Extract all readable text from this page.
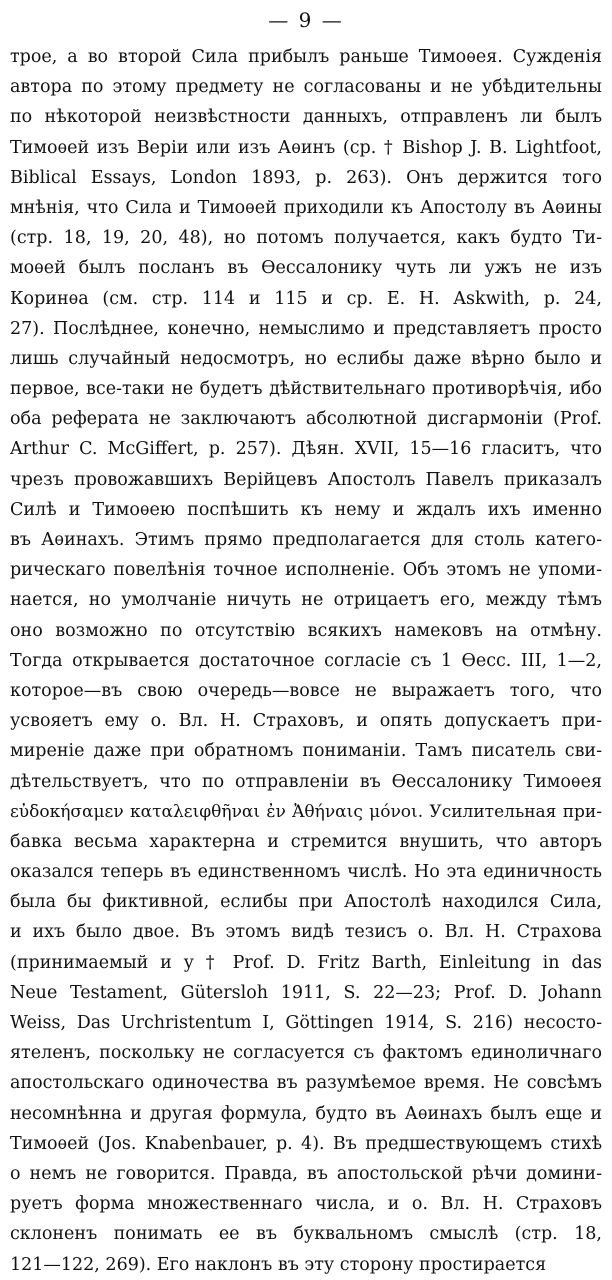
— 9 —
трое, а во второй Сила прибылъ раньше Тимоѳея. Сужденія
автора по этому предмету не согласованы и не убѣдительны
по нѣкоторой неизвѣстности данныхъ, отправленъ ли былъ
Тимоѳей изъ Веріи или изъ Аѳинъ (ср. † Bishop J. B. Lightfoot,
Biblical Essays, London 1893, p. 263). Онъ держится того
мнѣнія, что Сила и Тимоѳей приходили къ Апостолу въ Аѳины
(стр. 18, 19, 20, 48), но потомъ получается, какъ будто Ти-
моѳей былъ посланъ въ Ѳессалонику чуть ли ужъ не изъ
Коринѳа (см. стр. 114 и 115 и ср. E. H. Askwith, p. 24,
27). Послѣднее, конечно, немыслимо и представляетъ просто
лишь случайный недосмотръ, но еслибы даже вѣрно было и
первое, все-таки не будетъ дѣйствительнаго противорѣчія, ибо
оба реферата не заключаютъ абсолютной дисгармоніи (Prof.
Arthur C. McGiffert, p. 257). Дѣян. XVII, 15—16 гласитъ, что
чрезъ провожавшихъ Верійцевъ Апостолъ Павелъ приказалъ
Силѣ и Тимоѳею поспѣшить къ нему и ждалъ ихъ именно
въ Аѳинахъ. Этимъ прямо предполагается для столь катего-
рическаго повелѣнія точное исполненіе. Объ этомъ не упоми-
нается, но умолчаніе ничуть не отрицаетъ его, между тѣмъ
оно возможно по отсутствію всякихъ намековъ на отмѣну.
Тогда открывается достаточное согласіе съ 1 Ѳесс. III, 1—2,
которое—въ свою очередь—вовсе не выражаетъ того, что
усвояетъ ему о. Вл. Н. Страховъ, и опять допускаетъ при-
миреніе даже при обратномъ пониманіи. Тамъ писатель сви-
дѣтельствуетъ, что по отправленіи въ Ѳессалонику Тимоѳея
εὐδοκήσαμεν καταλειφθῆναι ἐν Ἀθήναις μόνοι. Усилительная при-
бавка весьма характерна и стремится внушить, что авторъ
оказался теперь въ единственномъ числѣ. Но эта единичность
была бы фиктивной, еслибы при Апостолѣ находился Сила,
и ихъ было двое. Въ этомъ видѣ тезисъ о. Вл. Н. Страхова
(принимаемый и у † Prof. D. Fritz Barth, Einleitung in das
Neue Testament, Gütersloh 1911, S. 22—23; Prof. D. Johann
Weiss, Das Urchristentum I, Göttingen 1914, S. 216) несосто-
ятеленъ, поскольку не согласуется съ фактомъ единоличнаго
апостольскаго одиночества въ разумѣемое время. Не совсѣмъ
несомнѣнна и другая формула, будто въ Аѳинахъ былъ еще и
Тимоѳей (Jos. Knabenbauer, p. 4). Въ предшествующемъ стихѣ
о немъ не говорится. Правда, въ апостольской рѣчи домини-
руетъ форма множественнаго числа, и о. Вл. Н. Страховъ
склоненъ понимать ее въ буквальномъ смыслѣ (стр. 18,
121—122, 269). Его наклонъ въ эту сторону простирается
